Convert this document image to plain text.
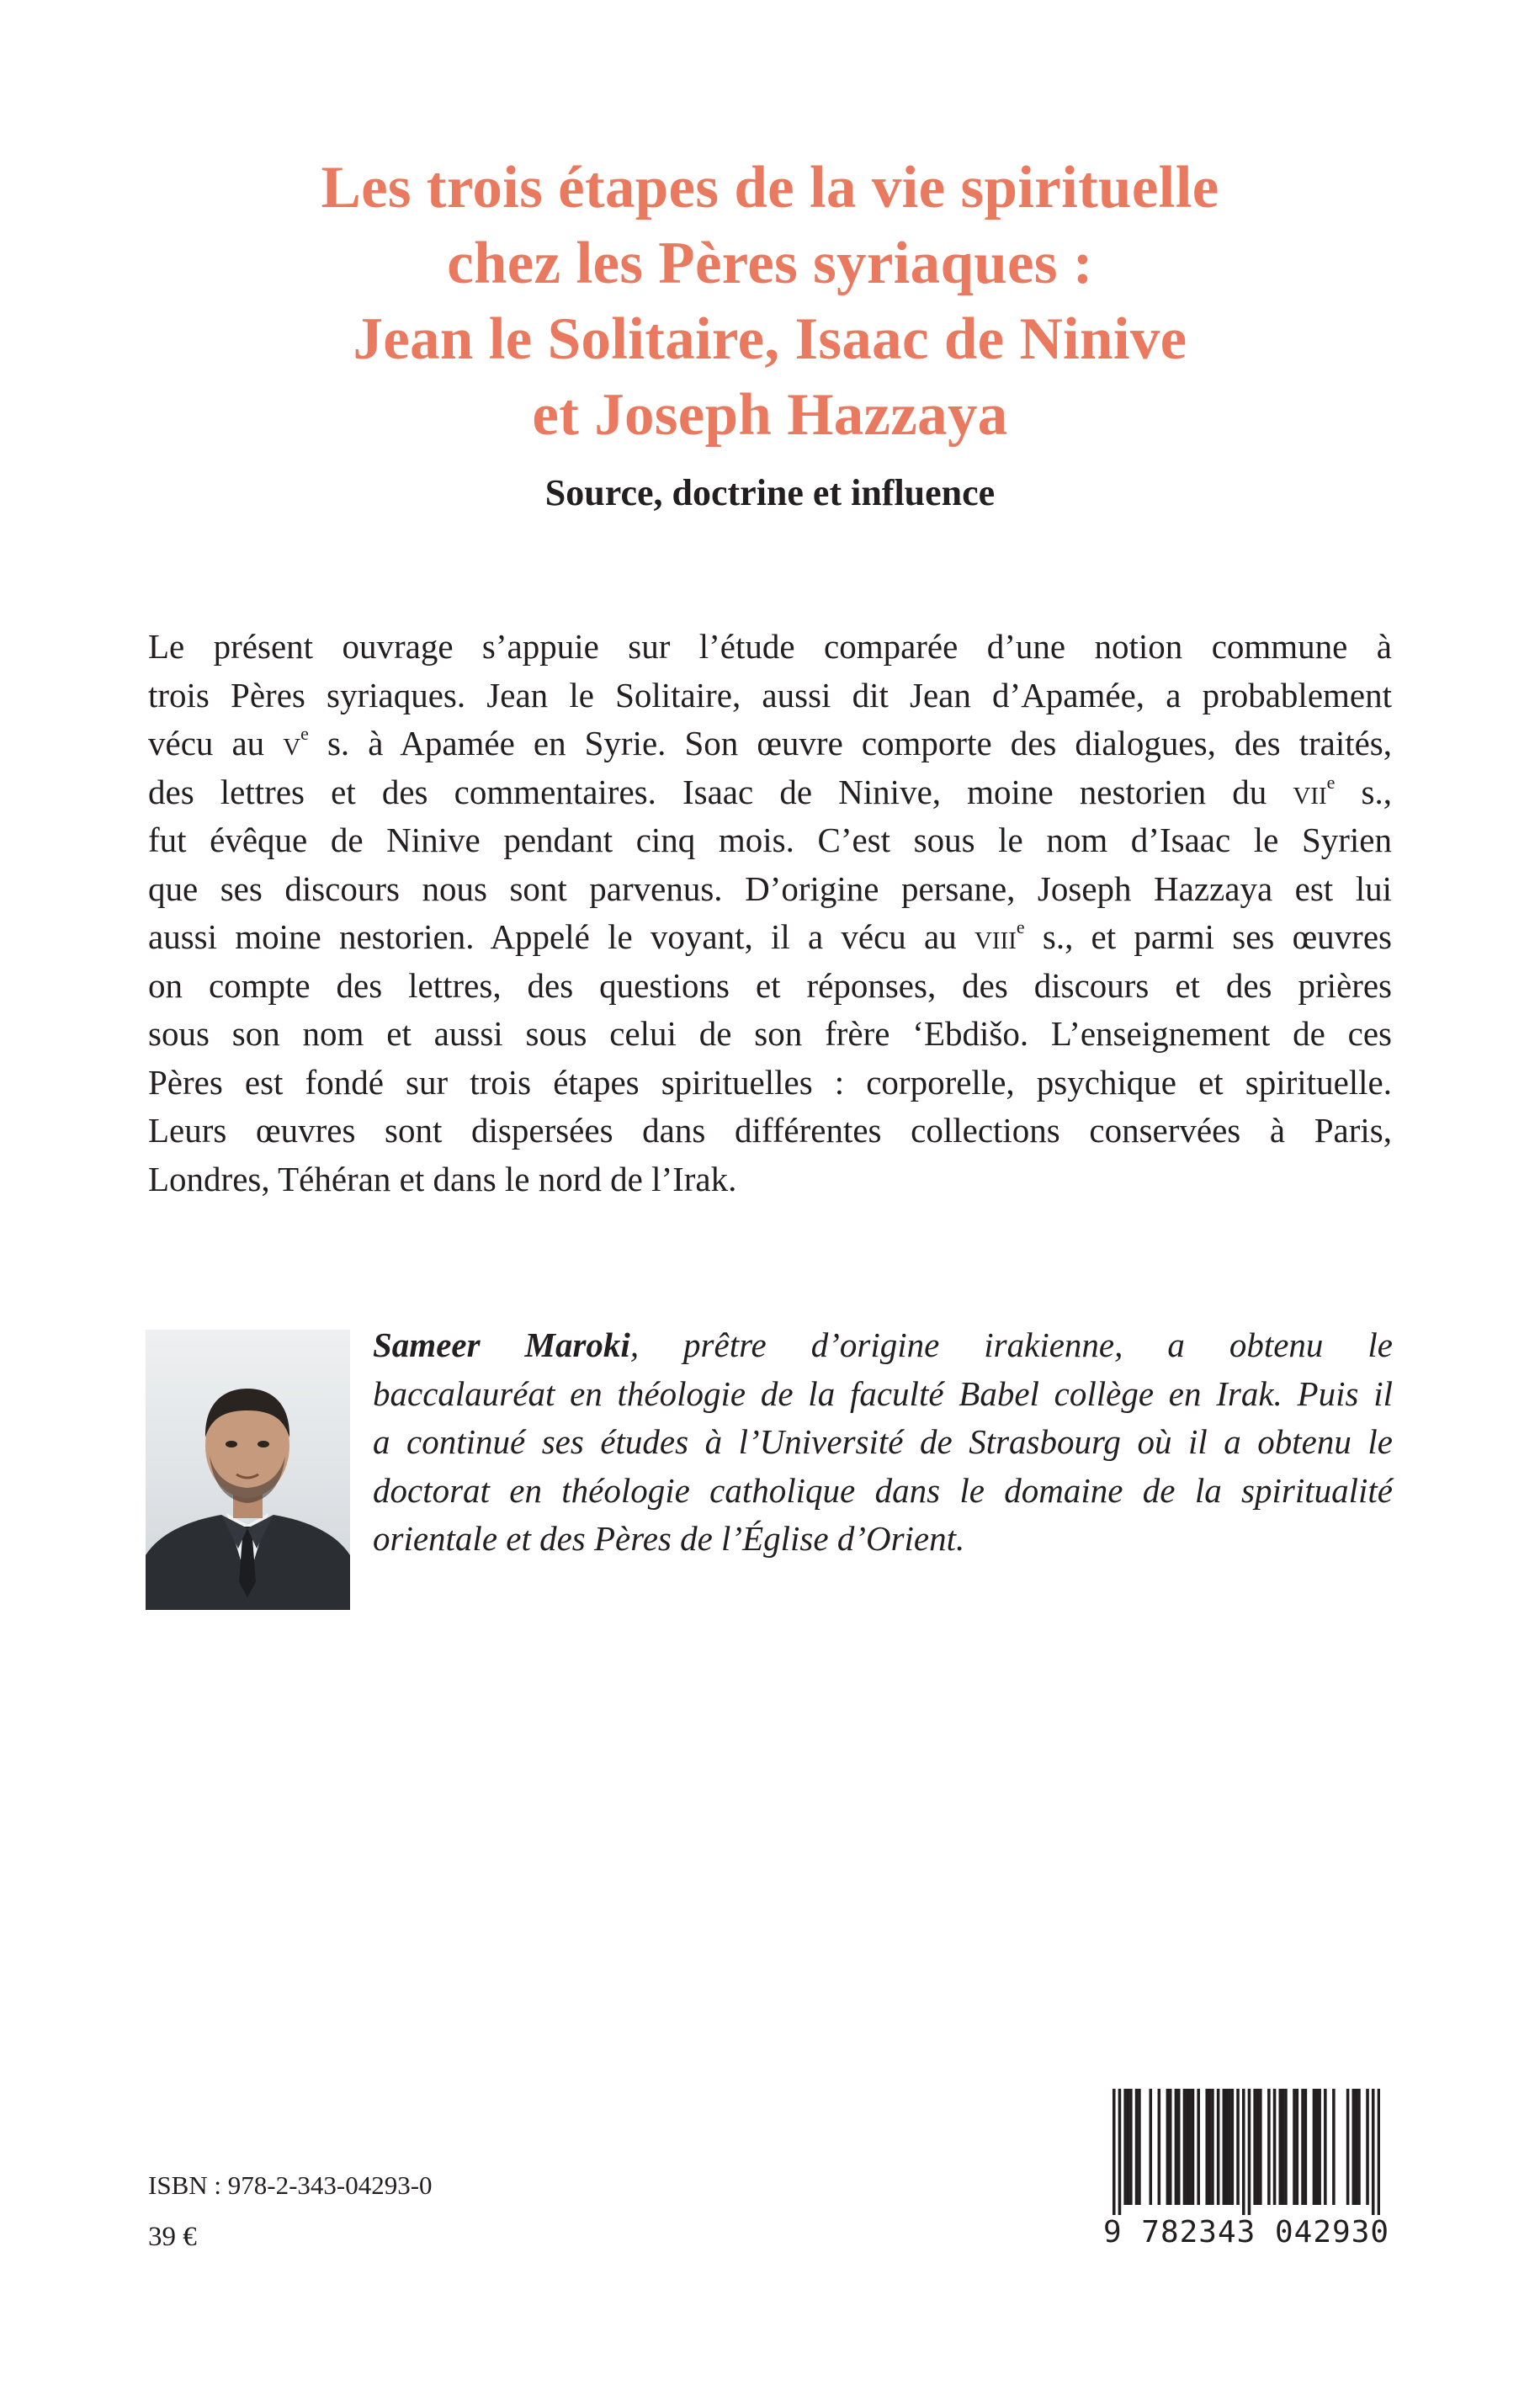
Les trois étapes de la vie spirituelle
chez les Pères syriaques :
Jean le Solitaire, Isaac de Ninive
et Joseph Hazzaya
Source, doctrine et influence
Le présent ouvrage s’appuie sur l’étude comparée d’une notion commune à
trois Pères syriaques. Jean le Solitaire, aussi dit Jean d’Apamée, a probablement
vécu au $v^e$ s. à Apamée en Syrie. Son œuvre comporte des dialogues, des traités,
des lettres et des commentaires. Isaac de Ninive, moine nestorien du vii$^e$ s.,
fut évêque de Ninive pendant cinq mois. C’est sous le nom d’Isaac le Syrien
que ses discours nous sont parvenus. D’origine persane, Joseph Hazzaya est lui
aussi moine nestorien. Appelé le voyant, il a vécu au viii$^e$ s., et parmi ses œuvres
on compte des lettres, des questions et réponses, des discours et des prières
sous son nom et aussi sous celui de son frère ‘Ebdišo. L’enseignement de ces
Pères est fondé sur trois étapes spirituelles : corporelle, psychique et spirituelle.
Leurs œuvres sont dispersées dans différentes collections conservées à Paris,
Londres, Téhéran et dans le nord de l’Irak.
Sameer Maroki, prêtre d’origine irakienne, a obtenu le
baccalauréat en théologie de la faculté Babel collège en Irak. Puis il
a continué ses études à l’Université de Strasbourg où il a obtenu le
doctorat en théologie catholique dans le domaine de la spiritualité
orientale et des Pères de l’Église d’Orient.
ISBN : 978-2-343-04293-0
39 €	9 782343 042930
